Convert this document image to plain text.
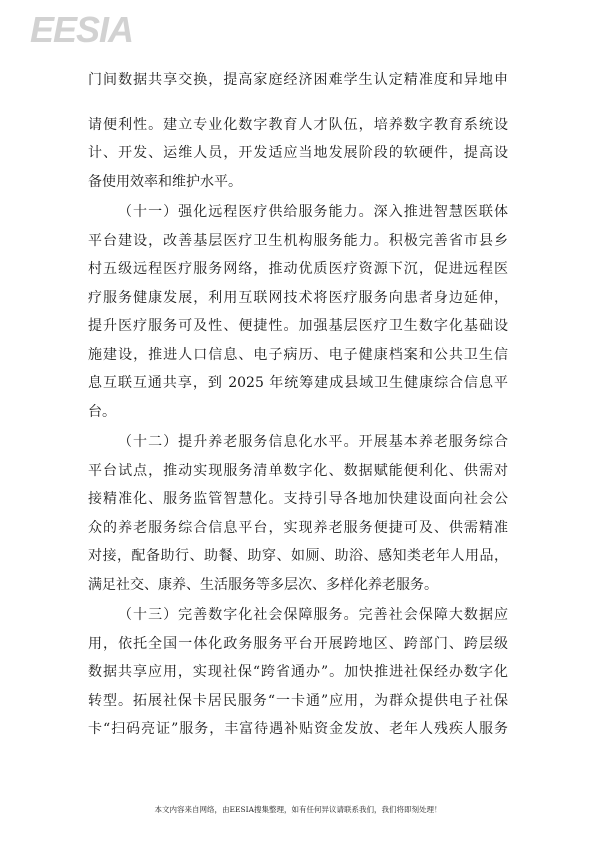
EESIA
门间数据共享交换，提高家庭经济困难学生认定精准度和异地申
请便利性。建立专业化数字教育人才队伍，培养数字教育系统设
计、开发、运维人员，开发适应当地发展阶段的软硬件，提高设
备使用效率和维护水平。
（十一）强化远程医疗供给服务能力。深入推进智慧医联体
平台建设，改善基层医疗卫生机构服务能力。积极完善省市县乡
村五级远程医疗服务网络，推动优质医疗资源下沉，促进远程医
疗服务健康发展，利用互联网技术将医疗服务向患者身边延伸，
提升医疗服务可及性、便捷性。加强基层医疗卫生数字化基础设
施建设，推进人口信息、电子病历、电子健康档案和公共卫生信
息互联互通共享，到 2025 年统筹建成县域卫生健康综合信息平
台。
（十二）提升养老服务信息化水平。开展基本养老服务综合
平台试点，推动实现服务清单数字化、数据赋能便利化、供需对
接精准化、服务监管智慧化。支持引导各地加快建设面向社会公
众的养老服务综合信息平台，实现养老服务便捷可及、供需精准
对接，配备助行、助餐、助穿、如厕、助浴、感知类老年人用品，
满足社交、康养、生活服务等多层次、多样化养老服务。
（十三）完善数字化社会保障服务。完善社会保障大数据应
用，依托全国一体化政务服务平台开展跨地区、跨部门、跨层级
数据共享应用，实现社保“跨省通办”。加快推进社保经办数字化
转型。拓展社保卡居民服务“一卡通”应用，为群众提供电子社保
卡“扫码亮证”服务，丰富待遇补贴资金发放、老年人残疾人服务
本文内容来自网络，由EESIA搜集整理，如有任何异议请联系我们，我们将即刻处理！
